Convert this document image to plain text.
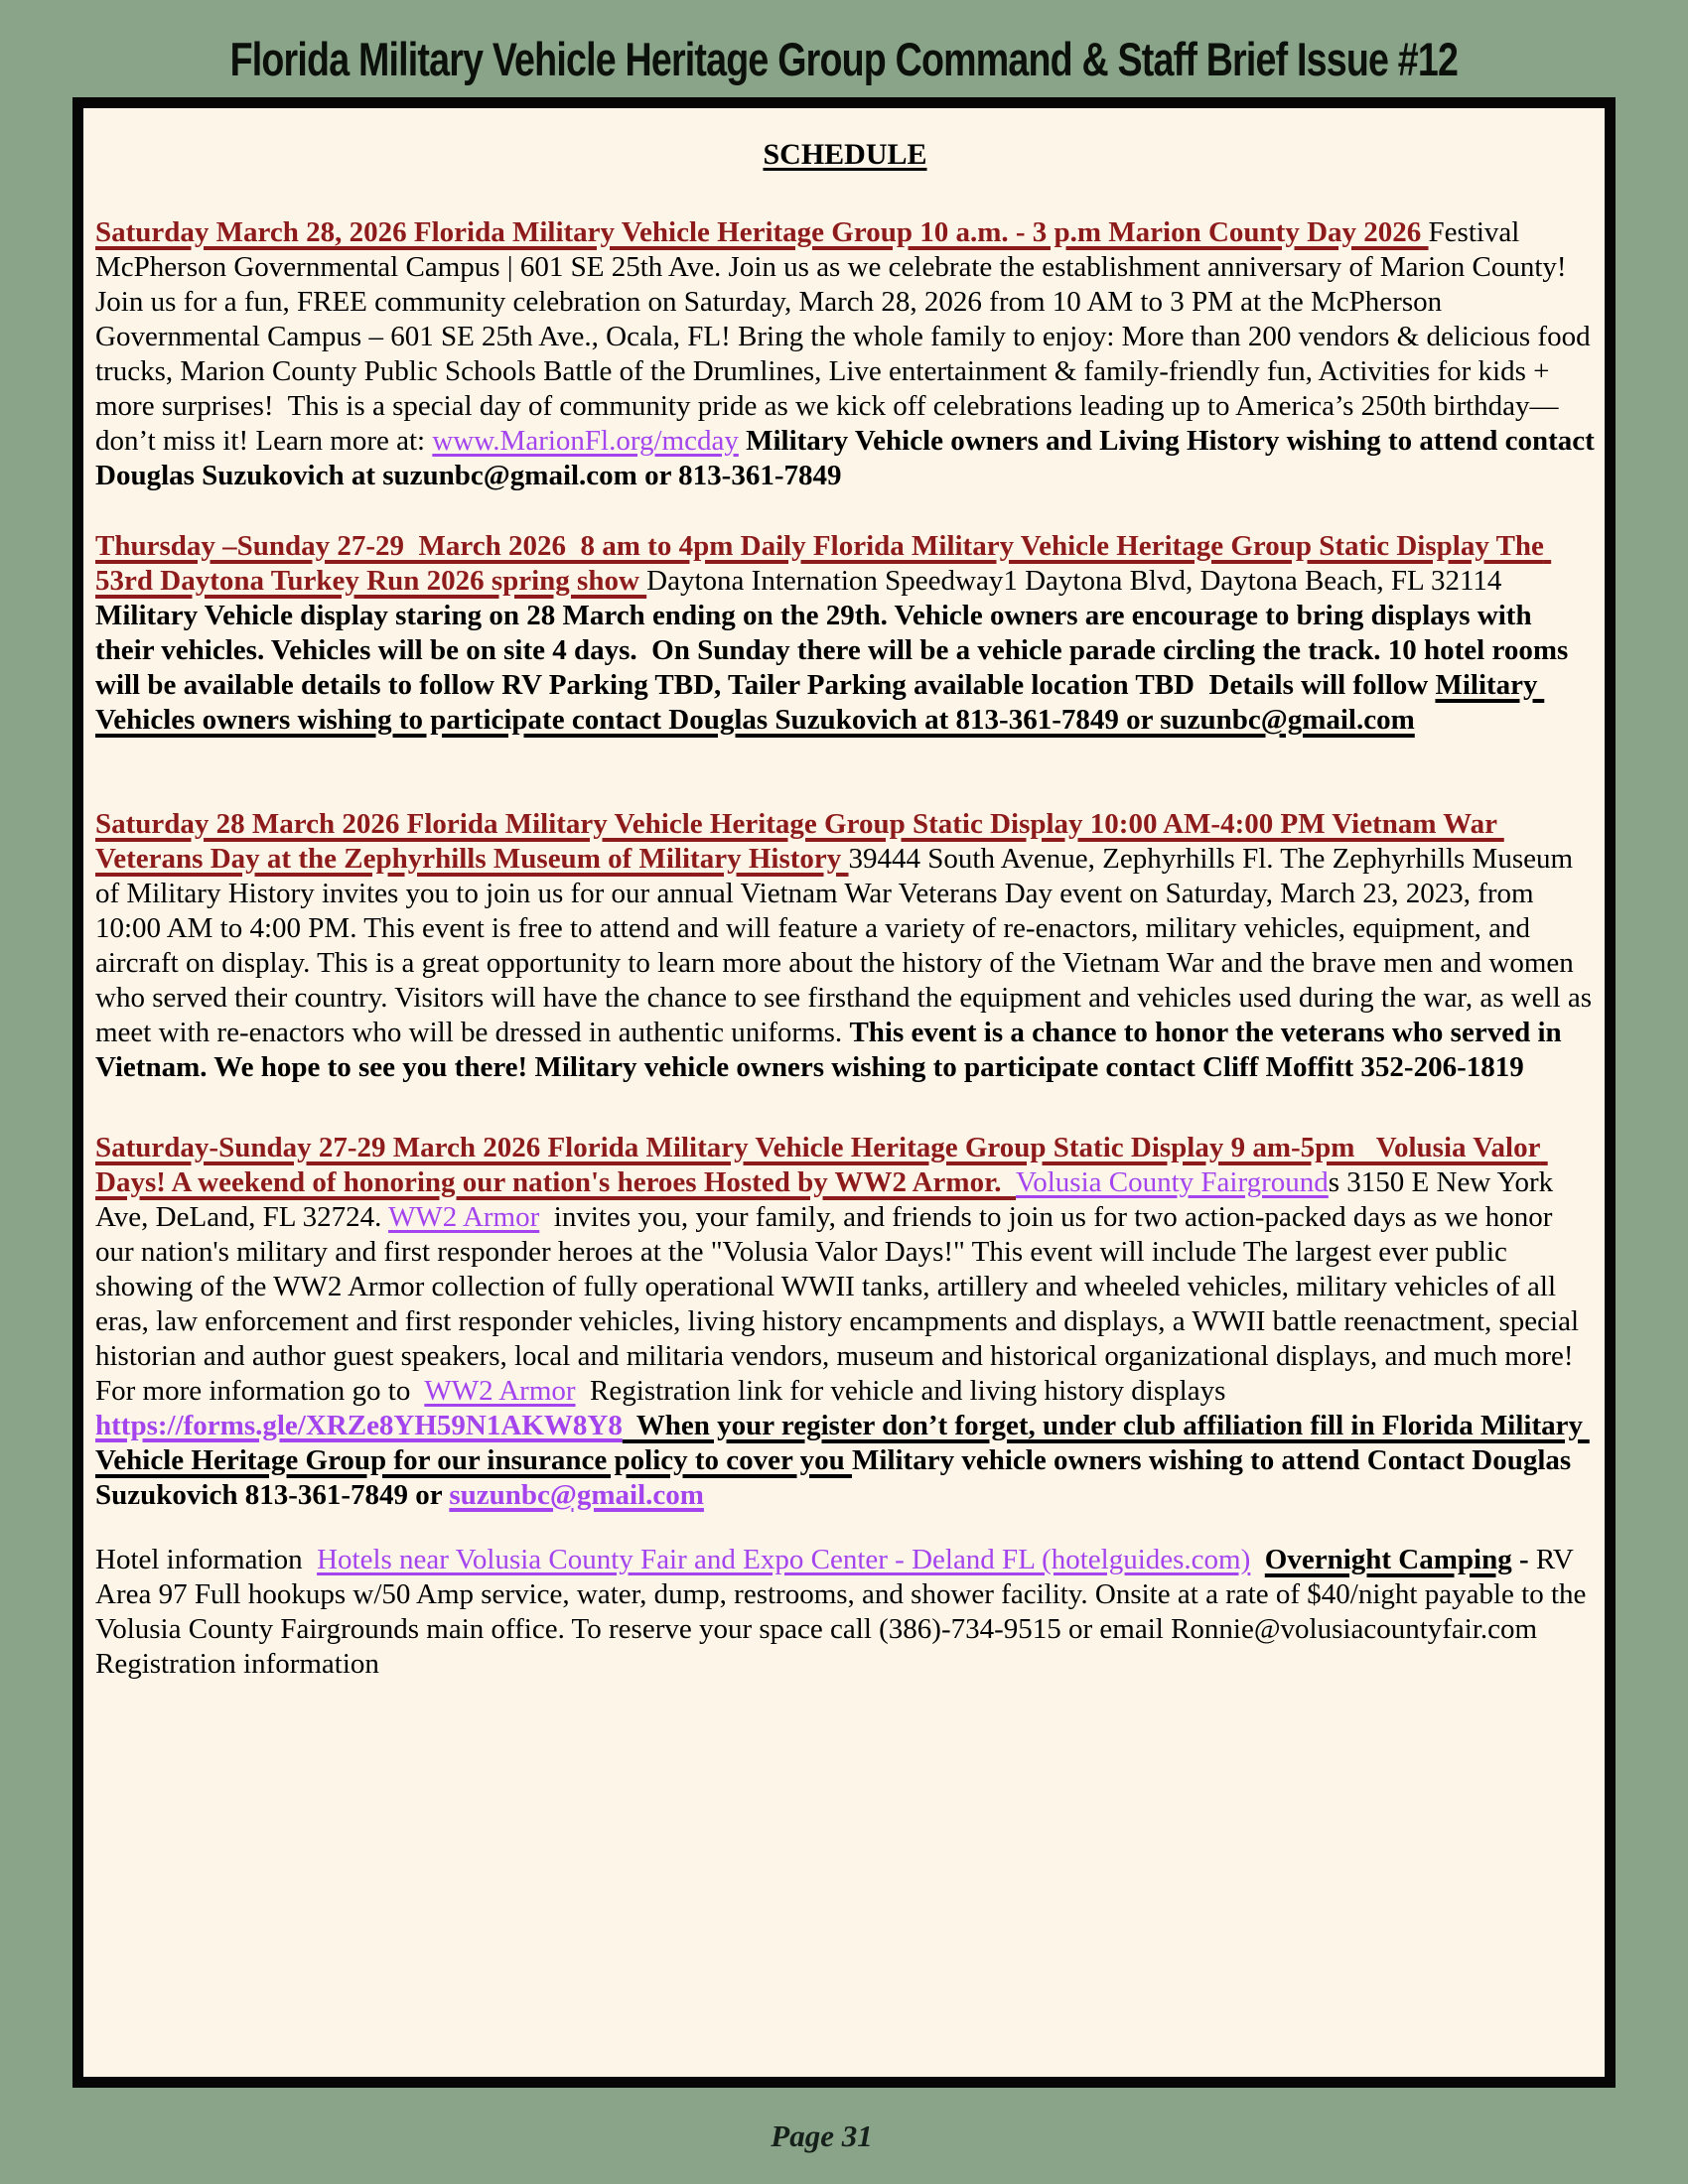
Florida Military Vehicle Heritage Group Command & Staff Brief Issue #12
SCHEDULE

Saturday March 28, 2026 Florida Military Vehicle Heritage Group 10 a.m. - 3 p.m Marion County Day 2026 Festival McPherson Governmental Campus | 601 SE 25th Ave. Join us as we celebrate the establishment anniversary of Marion County! Join us for a fun, FREE community celebration on Saturday, March 28, 2026 from 10 AM to 3 PM at the McPherson Governmental Campus – 601 SE 25th Ave., Ocala, FL! Bring the whole family to enjoy: More than 200 vendors & delicious food trucks, Marion County Public Schools Battle of the Drumlines, Live entertainment & family-friendly fun, Activities for kids + more surprises!  This is a special day of community pride as we kick off celebrations leading up to America’s 250th birthday—don’t miss it! Learn more at: www.MarionFl.org/mcday Military Vehicle owners and Living History wishing to attend contact Douglas Suzukovich at suzunbc@gmail.com or 813-361-7849

Thursday –Sunday 27-29  March 2026  8 am to 4pm Daily Florida Military Vehicle Heritage Group Static Display The 53rd Daytona Turkey Run 2026 spring show Daytona Internation Speedway1 Daytona Blvd, Daytona Beach, FL 32114 Military Vehicle display staring on 28 March ending on the 29th. Vehicle owners are encourage to bring displays with their vehicles. Vehicles will be on site 4 days.  On Sunday there will be a vehicle parade circling the track. 10 hotel rooms will be available details to follow RV Parking TBD, Tailer Parking available location TBD  Details will follow Military Vehicles owners wishing to participate contact Douglas Suzukovich at 813-361-7849 or suzunbc@gmail.com

Saturday 28 March 2026 Florida Military Vehicle Heritage Group Static Display 10:00 AM-4:00 PM Vietnam War Veterans Day at the Zephyrhills Museum of Military History 39444 South Avenue, Zephyrhills Fl. The Zephyrhills Museum of Military History invites you to join us for our annual Vietnam War Veterans Day event on Saturday, March 23, 2023, from 10:00 AM to 4:00 PM. This event is free to attend and will feature a variety of re-enactors, military vehicles, equipment, and aircraft on display. This is a great opportunity to learn more about the history of the Vietnam War and the brave men and women who served their country. Visitors will have the chance to see firsthand the equipment and vehicles used during the war, as well as meet with re-enactors who will be dressed in authentic uniforms. This event is a chance to honor the veterans who served in Vietnam. We hope to see you there! Military vehicle owners wishing to participate contact Cliff Moffitt 352-206-1819

Saturday-Sunday 27-29 March 2026 Florida Military Vehicle Heritage Group Static Display 9 am-5pm   Volusia Valor Days! A weekend of honoring our nation's heroes Hosted by WW2 Armor.  Volusia County Fairgrounds 3150 E New York Ave, DeLand, FL 32724. WW2 Armor  invites you, your family, and friends to join us for two action-packed days as we honor our nation's military and first responder heroes at the "Volusia Valor Days!" This event will include The largest ever public showing of the WW2 Armor collection of fully operational WWII tanks, artillery and wheeled vehicles, military vehicles of all eras, law enforcement and first responder vehicles, living history encampments and displays, a WWII battle reenactment, special historian and author guest speakers, local and militaria vendors, museum and historical organizational displays, and much more! For more information go to  WW2 Armor  Registration link for vehicle and living history displays  https://forms.gle/XRZe8YH59N1AKW8Y8  When your register don’t forget, under club affiliation fill in Florida Military Vehicle Heritage Group for our insurance policy to cover you Military vehicle owners wishing to attend Contact Douglas Suzukovich 813-361-7849 or suzunbc@gmail.com

Hotel information  Hotels near Volusia County Fair and Expo Center - Deland FL (hotelguides.com) Overnight Camping - RV Area 97 Full hookups w/50 Amp service, water, dump, restrooms, and shower facility. Onsite at a rate of $40/night payable to the Volusia County Fairgrounds main office. To reserve your space call (386)-734-9515 or email Ronnie@volusiacountyfair.com  Registration information

Page 31
